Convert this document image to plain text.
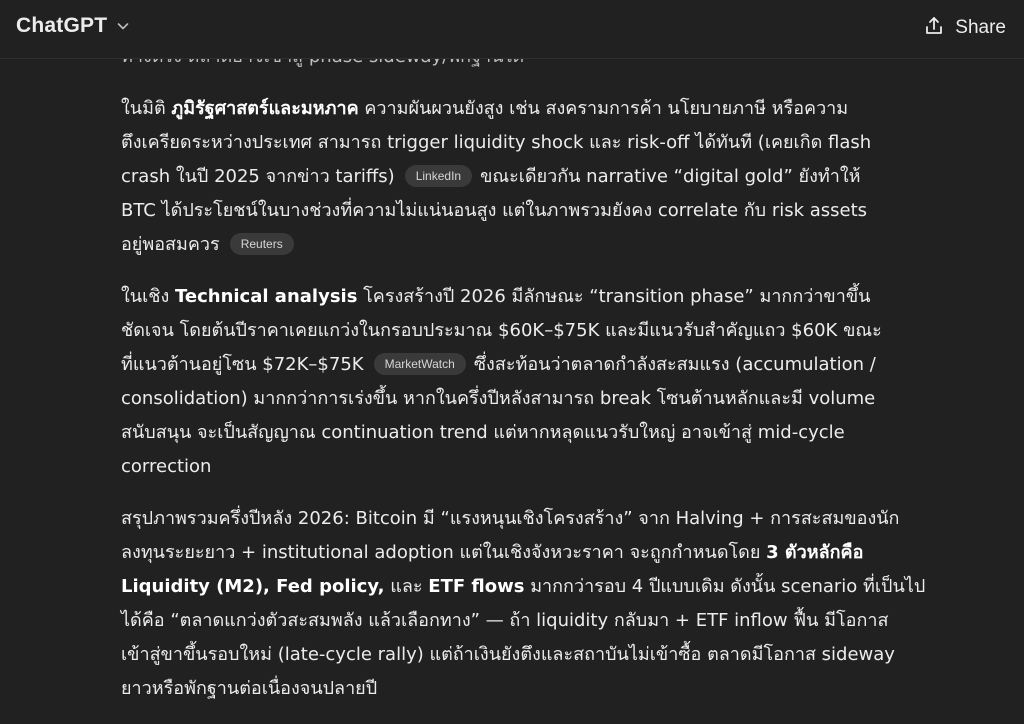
ChatGPT	Share
ในมิติ ภูมิรัฐศาสตร์และมหภาค ความผันผวนยังสูง เช่น สงครามการค้า นโยบายภาษี หรือความ
ตึงเครียดระหว่างประเทศ สามารถ trigger liquidity shock และ risk-off ได้ทันที (เคยเกิด flash
crash ในปี 2025 จากข่าว tariffs) LinkedIn ขณะเดียวกัน narrative “digital gold” ยังทำให้
BTC ได้ประโยชน์ในบางช่วงที่ความไม่แน่นอนสูง แต่ในภาพรวมยังคง correlate กับ risk assets
อยู่พอสมควร Reuters
ในเชิง Technical analysis โครงสร้างปี 2026 มีลักษณะ “transition phase” มากกว่าขาขึ้น
ชัดเจน โดยต้นปีราคาเคยแกว่งในกรอบประมาณ $60K–$75K และมีแนวรับสำคัญแถว $60K ขณะ
ที่แนวต้านอยู่โซน $72K–$75K MarketWatch ซึ่งสะท้อนว่าตลาดกำลังสะสมแรง (accumulation /
consolidation) มากกว่าการเร่งขึ้น หากในครึ่งปีหลังสามารถ break โซนต้านหลักและมี volume
สนับสนุน จะเป็นสัญญาณ continuation trend แต่หากหลุดแนวรับใหญ่ อาจเข้าสู่ mid-cycle
correction
สรุปภาพรวมครึ่งปีหลัง 2026: Bitcoin มี “แรงหนุนเชิงโครงสร้าง” จาก Halving + การสะสมของนัก
ลงทุนระยะยาว + institutional adoption แต่ในเชิงจังหวะราคา จะถูกกำหนดโดย 3 ตัวหลักคือ
Liquidity (M2), Fed policy, และ ETF flows มากกว่ารอบ 4 ปีแบบเดิม ดังนั้น scenario ที่เป็นไป
ได้คือ “ตลาดแกว่งตัวสะสมพลัง แล้วเลือกทาง” — ถ้า liquidity กลับมา + ETF inflow ฟื้น มีโอกาส
เข้าสู่ขาขึ้นรอบใหม่ (late-cycle rally) แต่ถ้าเงินยังตึงและสถาบันไม่เข้าซื้อ ตลาดมีโอกาส sideway
ยาวหรือพักฐานต่อเนื่องจนปลายปี
